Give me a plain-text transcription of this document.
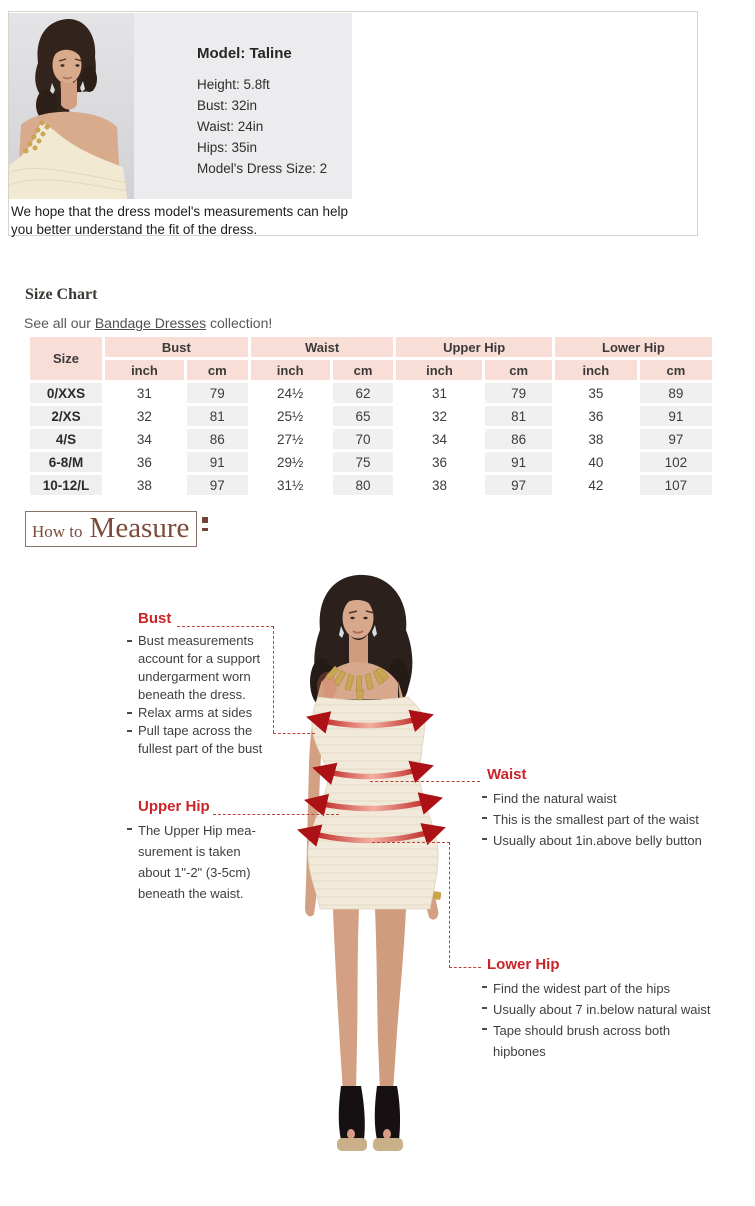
Model: Taline
Height: 5.8ft
Bust: 32in
Waist: 24in
Hips: 35in
Model's Dress Size: 2
We hope that the dress model's measurements can help you better understand the fit of the dress.
Size Chart

See all our Bandage Dresses collection!

Size	Bust		Waist		Upper Hip		Lower Hip	
	inch	cm	inch	cm	inch	cm	inch	cm
0/XXS	31	79	24½	62	31	79	35	89
2/XS	32	81	25½	65	32	81	36	91
4/S	34	86	27½	70	34	86	38	97
6-8/M	36	91	29½	75	36	91	40	102
10-12/L	38	97	31½	80	38	97	42	107
How to Measure
Bust
Bust measurements account for a support undergarment worn beneath the dress.
Relax arms at sides
Pull tape across the fullest part of the bust
Waist
Find the natural waist
This is the smallest part of the waist
Usually about 1in.above belly button
Upper Hip
The Upper Hip mea-surement is taken about 1"-2" (3-5cm) beneath the waist.
Lower Hip
Find the widest part of the hips
Usually about 7 in.below natural waist
Tape should brush across both hipbones
